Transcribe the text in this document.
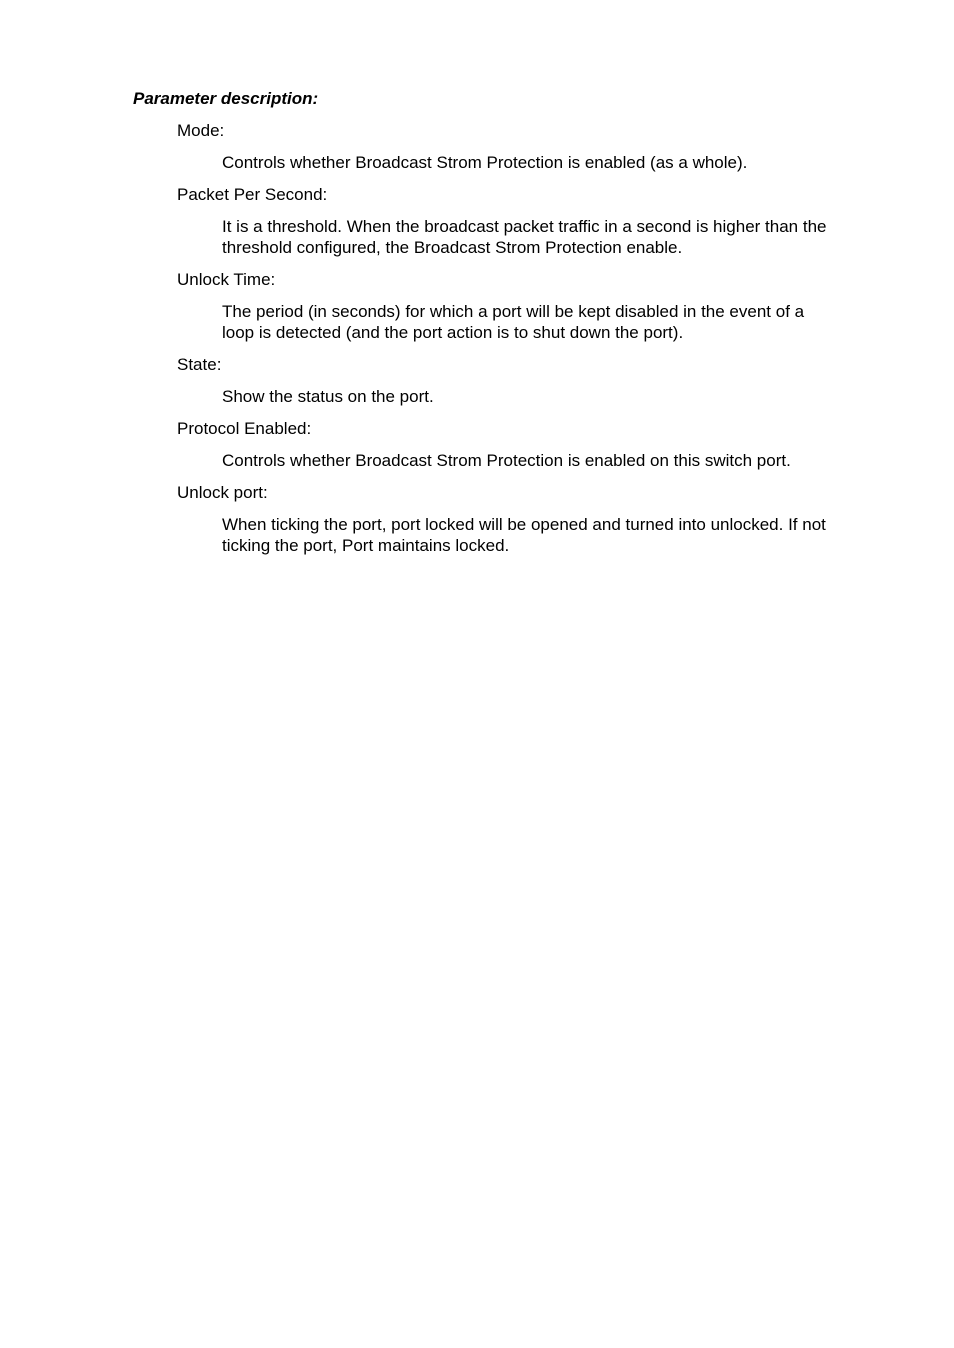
Parameter description:

Mode:

Controls whether Broadcast Strom Protection is enabled (as a whole).

Packet Per Second:

It is a threshold. When the broadcast packet traffic in a second is higher than the threshold configured, the Broadcast Strom Protection enable.

Unlock Time:

The period (in seconds) for which a port will be kept disabled in the event of a loop is detected (and the port action is to shut down the port).

State:

Show the status on the port.

Protocol Enabled:

Controls whether Broadcast Strom Protection is enabled on this switch port.

Unlock port:

When ticking the port, port locked will be opened and turned into unlocked. If not ticking the port, Port maintains locked.
